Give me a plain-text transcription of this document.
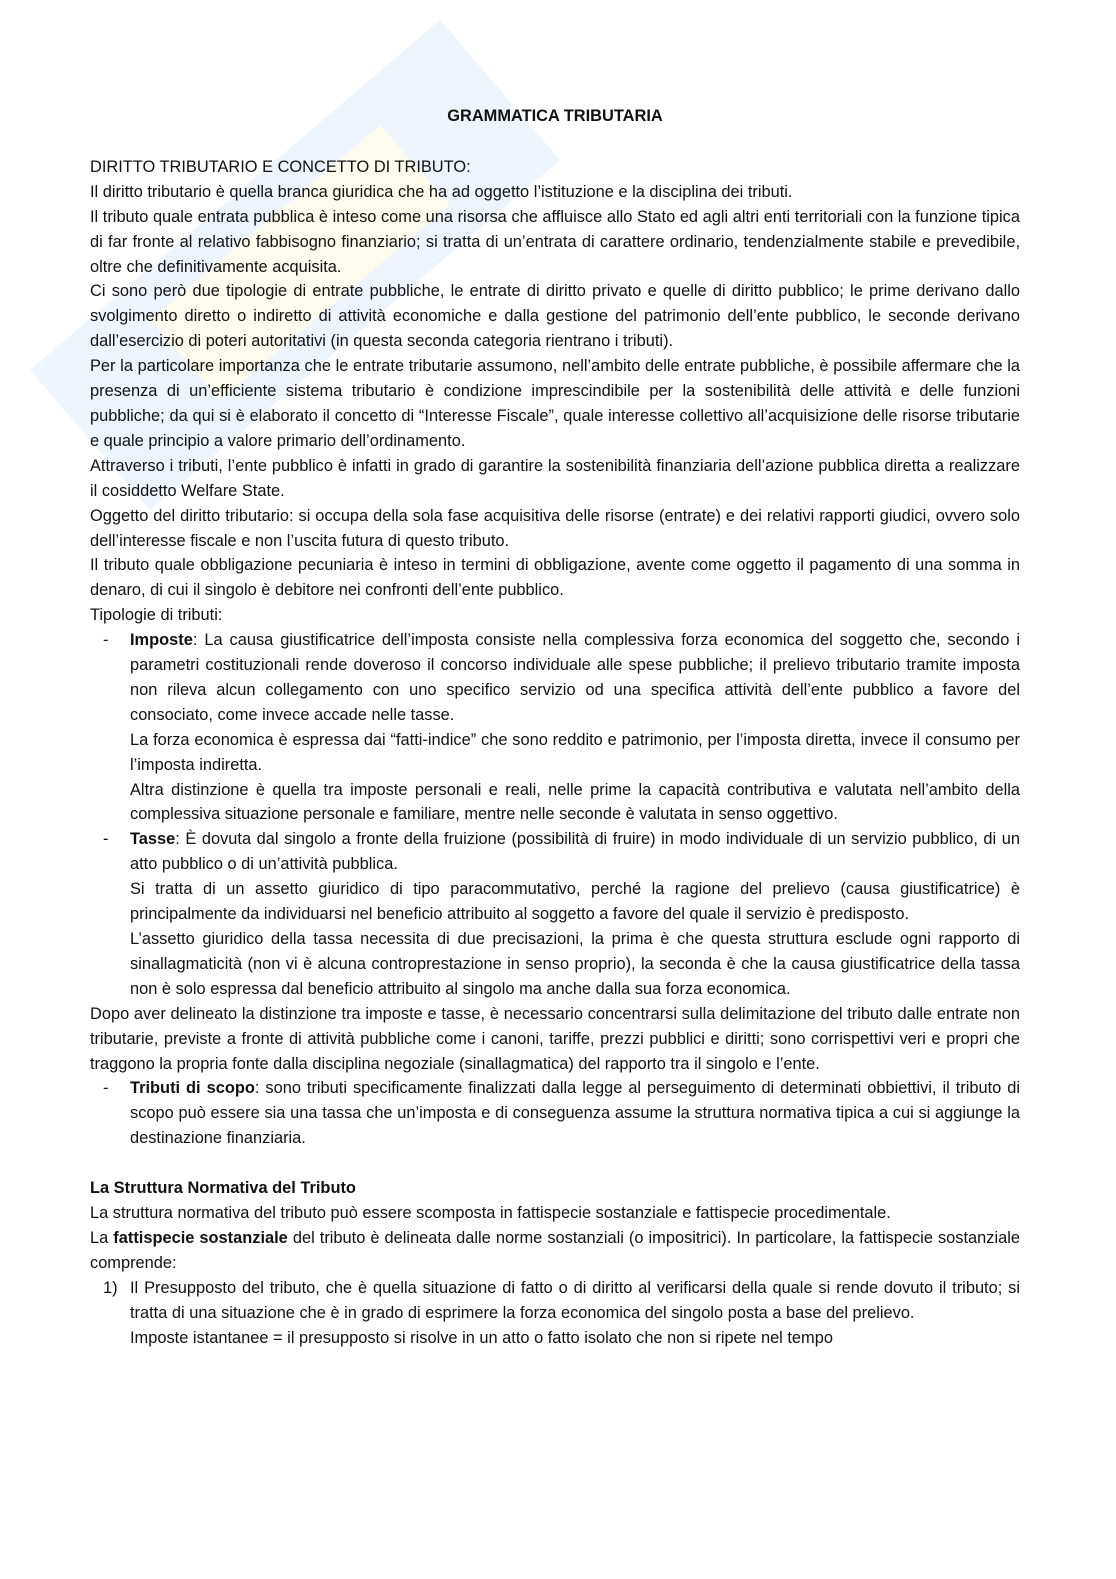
GRAMMATICA TRIBUTARIA

DIRITTO TRIBUTARIO E CONCETTO DI TRIBUTO:

Il diritto tributario è quella branca giuridica che ha ad oggetto l’istituzione e la disciplina dei tributi.

Il tributo quale entrata pubblica è inteso come una risorsa che affluisce allo Stato ed agli altri enti territoriali con la funzione tipica di far fronte al relativo fabbisogno finanziario; si tratta di un’entrata di carattere ordinario, tendenzialmente stabile e prevedibile, oltre che definitivamente acquisita.

Ci sono però due tipologie di entrate pubbliche, le entrate di diritto privato e quelle di diritto pubblico; le prime derivano dallo svolgimento diretto o indiretto di attività economiche e dalla gestione del patrimonio dell’ente pubblico, le seconde derivano dall’esercizio di poteri autoritativi (in questa seconda categoria rientrano i tributi).

Per la particolare importanza che le entrate tributarie assumono, nell’ambito delle entrate pubbliche, è possibile affermare che la presenza di un’efficiente sistema tributario è condizione imprescindibile per la sostenibilità delle attività e delle funzioni pubbliche; da qui si è elaborato il concetto di “Interesse Fiscale”, quale interesse collettivo all’acquisizione delle risorse tributarie e quale principio a valore primario dell’ordinamento.

Attraverso i tributi, l’ente pubblico è infatti in grado di garantire la sostenibilità finanziaria dell’azione pubblica diretta a realizzare il cosiddetto Welfare State.

Oggetto del diritto tributario: si occupa della sola fase acquisitiva delle risorse (entrate) e dei relativi rapporti giudici, ovvero solo dell’interesse fiscale e non l’uscita futura di questo tributo.

Il tributo quale obbligazione pecuniaria è inteso in termini di obbligazione, avente come oggetto il pagamento di una somma in denaro, di cui il singolo è debitore nei confronti dell’ente pubblico.

Tipologie di tributi:

- Imposte: La causa giustificatrice dell’imposta consiste nella complessiva forza economica del soggetto che, secondo i parametri costituzionali rende doveroso il concorso individuale alle spese pubbliche; il prelievo tributario tramite imposta non rileva alcun collegamento con uno specifico servizio od una specifica attività dell’ente pubblico a favore del consociato, come invece accade nelle tasse.

La forza economica è espressa dai “fatti-indice” che sono reddito e patrimonio, per l’imposta diretta, invece il consumo per l’imposta indiretta.

Altra distinzione è quella tra imposte personali e reali, nelle prime la capacità contributiva e valutata nell’ambito della complessiva situazione personale e familiare, mentre nelle seconde è valutata in senso oggettivo.

- Tasse: È dovuta dal singolo a fronte della fruizione (possibilità di fruire) in modo individuale di un servizio pubblico, di un atto pubblico o di un’attività pubblica.

Si tratta di un assetto giuridico di tipo paracommutativo, perché la ragione del prelievo (causa giustificatrice) è principalmente da individuarsi nel beneficio attribuito al soggetto a favore del quale il servizio è predisposto.

L’assetto giuridico della tassa necessita di due precisazioni, la prima è che questa struttura esclude ogni rapporto di sinallagmaticità (non vi è alcuna controprestazione in senso proprio), la seconda è che la causa giustificatrice della tassa non è solo espressa dal beneficio attribuito al singolo ma anche dalla sua forza economica.

Dopo aver delineato la distinzione tra imposte e tasse, è necessario concentrarsi sulla delimitazione del tributo dalle entrate non tributarie, previste a fronte di attività pubbliche come i canoni, tariffe, prezzi pubblici e diritti; sono corrispettivi veri e propri che traggono la propria fonte dalla disciplina negoziale (sinallagmatica) del rapporto tra il singolo e l’ente.

- Tributi di scopo: sono tributi specificamente finalizzati dalla legge al perseguimento di determinati obbiettivi, il tributo di scopo può essere sia una tassa che un’imposta e di conseguenza assume la struttura normativa tipica a cui si aggiunge la destinazione finanziaria.

La Struttura Normativa del Tributo

La struttura normativa del tributo può essere scomposta in fattispecie sostanziale e fattispecie procedimentale.

La fattispecie sostanziale del tributo è delineata dalle norme sostanziali (o impositrici). In particolare, la fattispecie sostanziale comprende:

1) Il Presupposto del tributo, che è quella situazione di fatto o di diritto al verificarsi della quale si rende dovuto il tributo; si tratta di una situazione che è in grado di esprimere la forza economica del singolo posta a base del prelievo.

Imposte istantanee = il presupposto si risolve in un atto o fatto isolato che non si ripete nel tempo
